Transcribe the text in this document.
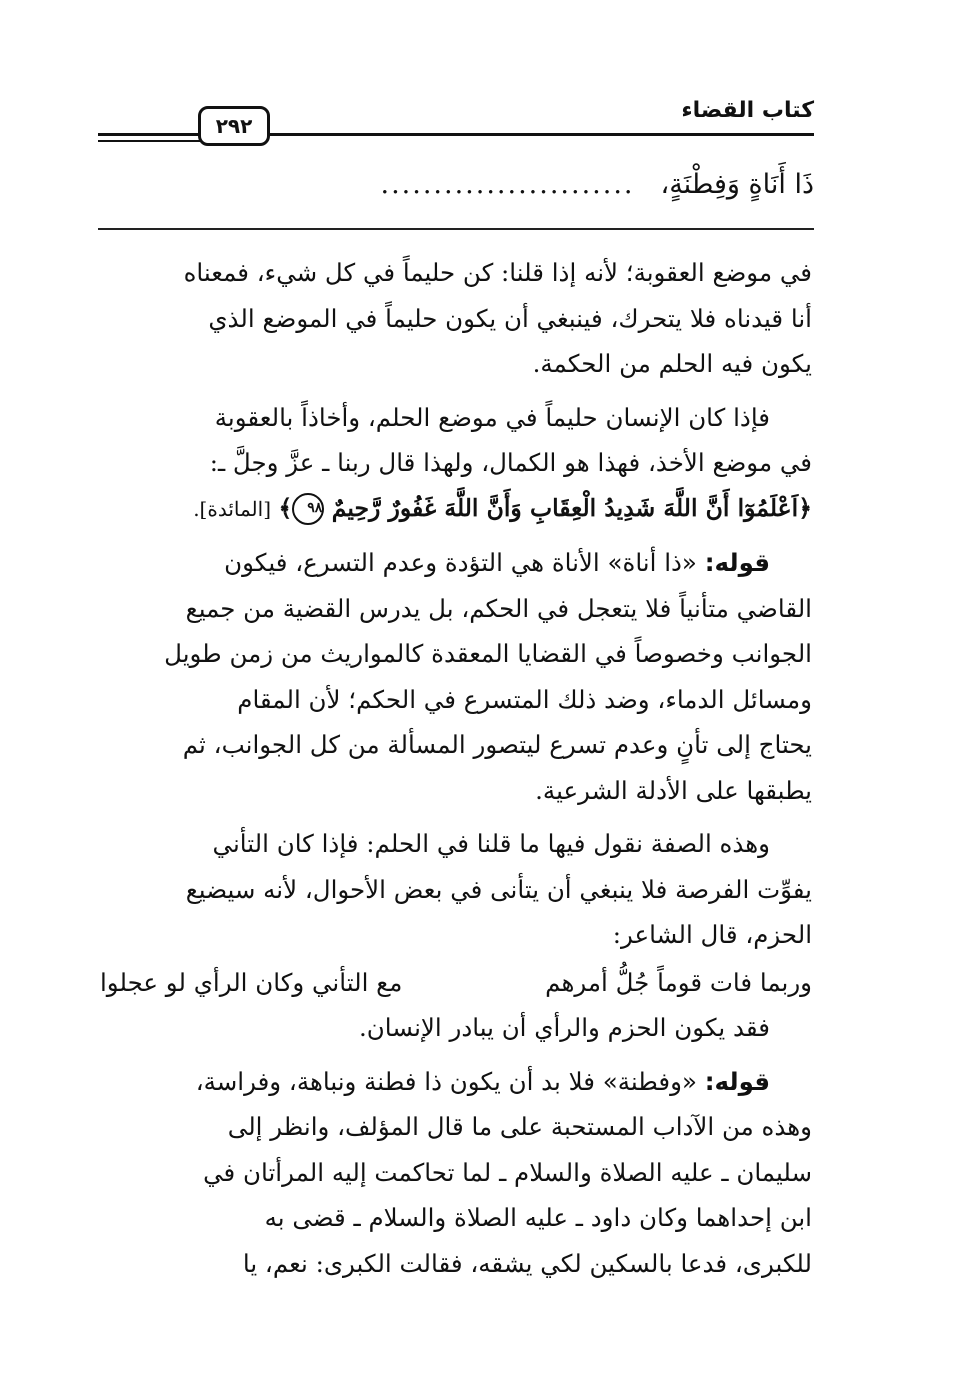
كتاب القضاء
٢٩٢
ذَا أَنَاةٍ وَفِطْنَةٍ،
........................

في موضع العقوبة؛ لأنه إذا قلنا: كن حليماً في كل شيء، فمعناه

أنا قيدناه فلا يتحرك، فينبغي أن يكون حليماً في الموضع الذي

يكون فيه الحلم من الحكمة.

فإذا كان الإنسان حليماً في موضع الحلم، وأخاذاً بالعقوبة

في موضع الأخذ، فهذا هو الكمال، ولهذا قال ربنا ـ عزَّ وجلَّ ـ:

﴿اَعْلَمُوٓا أَنَّ اللَّهَ شَدِيدُ الْعِقَابِ وَأَنَّ اللَّهَ غَفُورٌ رَّحِيمٌ ٩٨﴾ [المائدة].

قوله: «ذا أناة» الأناة هي التؤدة وعدم التسرع، فيكون

القاضي متأنياً فلا يتعجل في الحكم، بل يدرس القضية من جميع

الجوانب وخصوصاً في القضايا المعقدة كالمواريث من زمن طويل

ومسائل الدماء، وضد ذلك المتسرع في الحكم؛ لأن المقام

يحتاج إلى تأنٍ وعدم تسرع ليتصور المسألة من كل الجوانب، ثم

يطبقها على الأدلة الشرعية.

وهذه الصفة نقول فيها ما قلنا في الحلم: فإذا كان التأني

يفوِّت الفرصة فلا ينبغي أن يتأنى في بعض الأحوال، لأنه سيضيع

الحزم، قال الشاعر:

وربما فات قوماً جُلُّ أمرهم
مع التأني وكان الرأي لو عجلوا

فقد يكون الحزم والرأي أن يبادر الإنسان.

قوله: «وفطنة» فلا بد أن يكون ذا فطنة ونباهة، وفراسة،

وهذه من الآداب المستحبة على ما قال المؤلف، وانظر إلى

سليمان ـ عليه الصلاة والسلام ـ لما تحاكمت إليه المرأتان في

ابن إحداهما وكان داود ـ عليه الصلاة والسلام ـ قضى به

للكبرى، فدعا بالسكين لكي يشقه، فقالت الكبرى: نعم، يا
